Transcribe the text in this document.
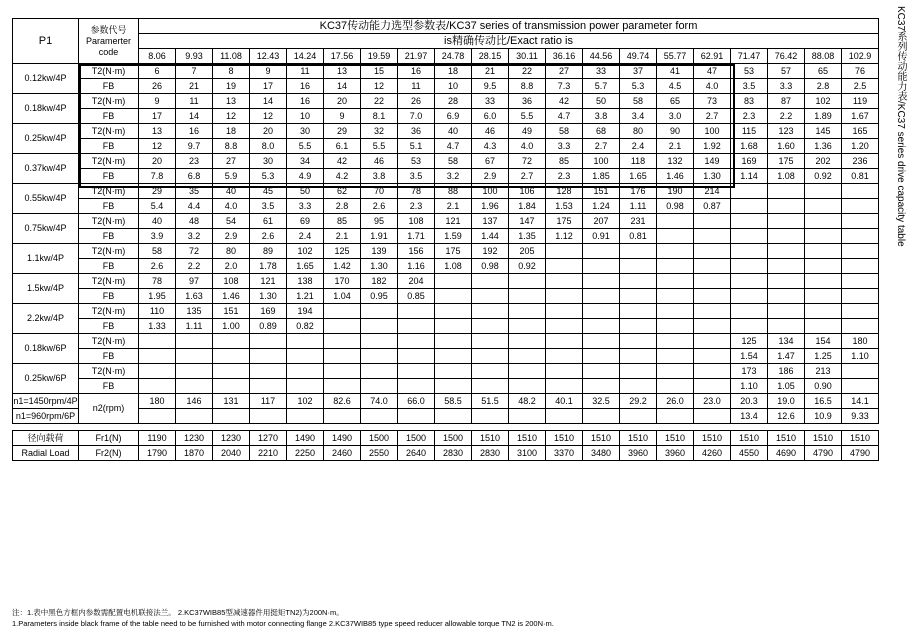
KC37系列传动能力表/KC37 series drive capacity table
P1	参数代号
Paramerter
code	KC37传动能力选型参数表/KC37 series of transmission power parameter form																			
		is精确传动比/Exact ratio is																			
		8.06	9.93	11.08	12.43	14.24	17.56	19.59	21.97	24.78	28.15	30.11	36.16	44.56	49.74	55.77	62.91	71.47	76.42	88.08	102.9
0.12kw/4P	T2(N·m)	6	7	8	9	11	13	15	16	18	21	22	27	33	37	41	47	53	57	65	76
	FB	26	21	19	17	16	14	12	11	10	9.5	8.8	7.3	5.7	5.3	4.5	4.0	3.5	3.3	2.8	2.5
0.18kw/4P	T2(N·m)	9	11	13	14	16	20	22	26	28	33	36	42	50	58	65	73	83	87	102	119
	FB	17	14	12	12	10	9	8.1	7.0	6.9	6.0	5.5	4.7	3.8	3.4	3.0	2.7	2.3	2.2	1.89	1.67
0.25kw/4P	T2(N·m)	13	16	18	20	30	29	32	36	40	46	49	58	68	80	90	100	115	123	145	165
	FB	12	9.7	8.8	8.0	5.5	6.1	5.5	5.1	4.7	4.3	4.0	3.3	2.7	2.4	2.1	1.92	1.68	1.60	1.36	1.20
0.37kw/4P	T2(N·m)	20	23	27	30	34	42	46	53	58	67	72	85	100	118	132	149	169	175	202	236
	FB	7.8	6.8	5.9	5.3	4.9	4.2	3.8	3.5	3.2	2.9	2.7	2.3	1.85	1.65	1.46	1.30	1.14	1.08	0.92	0.81
0.55kw/4P	T2(N·m)	29	35	40	45	50	62	70	78	88	100	106	128	151	176	190	214				
	FB	5.4	4.4	4.0	3.5	3.3	2.8	2.6	2.3	2.1	1.96	1.84	1.53	1.24	1.11	0.98	0.87				
0.75kw/4P	T2(N·m)	40	48	54	61	69	85	95	108	121	137	147	175	207	231						
	FB	3.9	3.2	2.9	2.6	2.4	2.1	1.91	1.71	1.59	1.44	1.35	1.12	0.91	0.81						
1.1kw/4P	T2(N·m)	58	72	80	89	102	125	139	156	175	192	205									
	FB	2.6	2.2	2.0	1.78	1.65	1.42	1.30	1.16	1.08	0.98	0.92									
1.5kw/4P	T2(N·m)	78	97	108	121	138	170	182	204												
	FB	1.95	1.63	1.46	1.30	1.21	1.04	0.95	0.85												
2.2kw/4P	T2(N·m)	110	135	151	169	194															
	FB	1.33	1.11	1.00	0.89	0.82															
0.18kw/6P	T2(N·m)																	125	134	154	180
	FB																	1.54	1.47	1.25	1.10
0.25kw/6P	T2(N·m)																	173	186	213	
	FB																	1.10	1.05	0.90	
n1=1450rpm/4P	n2(rpm)	180	146	131	117	102	82.6	74.0	66.0	58.5	51.5	48.2	40.1	32.5	29.2	26.0	23.0	20.3	19.0	16.5	14.1
n1=960rpm/6P																		13.4	12.6	10.9	9.33

径向载荷	Fr1(N)	1190	1230	1230	1270	1490	1490	1500	1500	1500	1510	1510	1510	1510	1510	1510	1510	1510	1510	1510	1510
Radial Load	Fr2(N)	1790	1870	2040	2210	2250	2460	2550	2640	2830	2830	3100	3370	3480	3960	3960	4260	4550	4690	4790	4790
注：1.表中黑色方框内参数需配置电机联接法兰。 2.KC37WIB85型减速器件用挺矩TN2)为200N·m。
1.Parameters inside black frame of the table need to be furnished with motor connecting flange 2.KC37WIB85 type speed reducer allowable torque TN2 is 200N·m.
